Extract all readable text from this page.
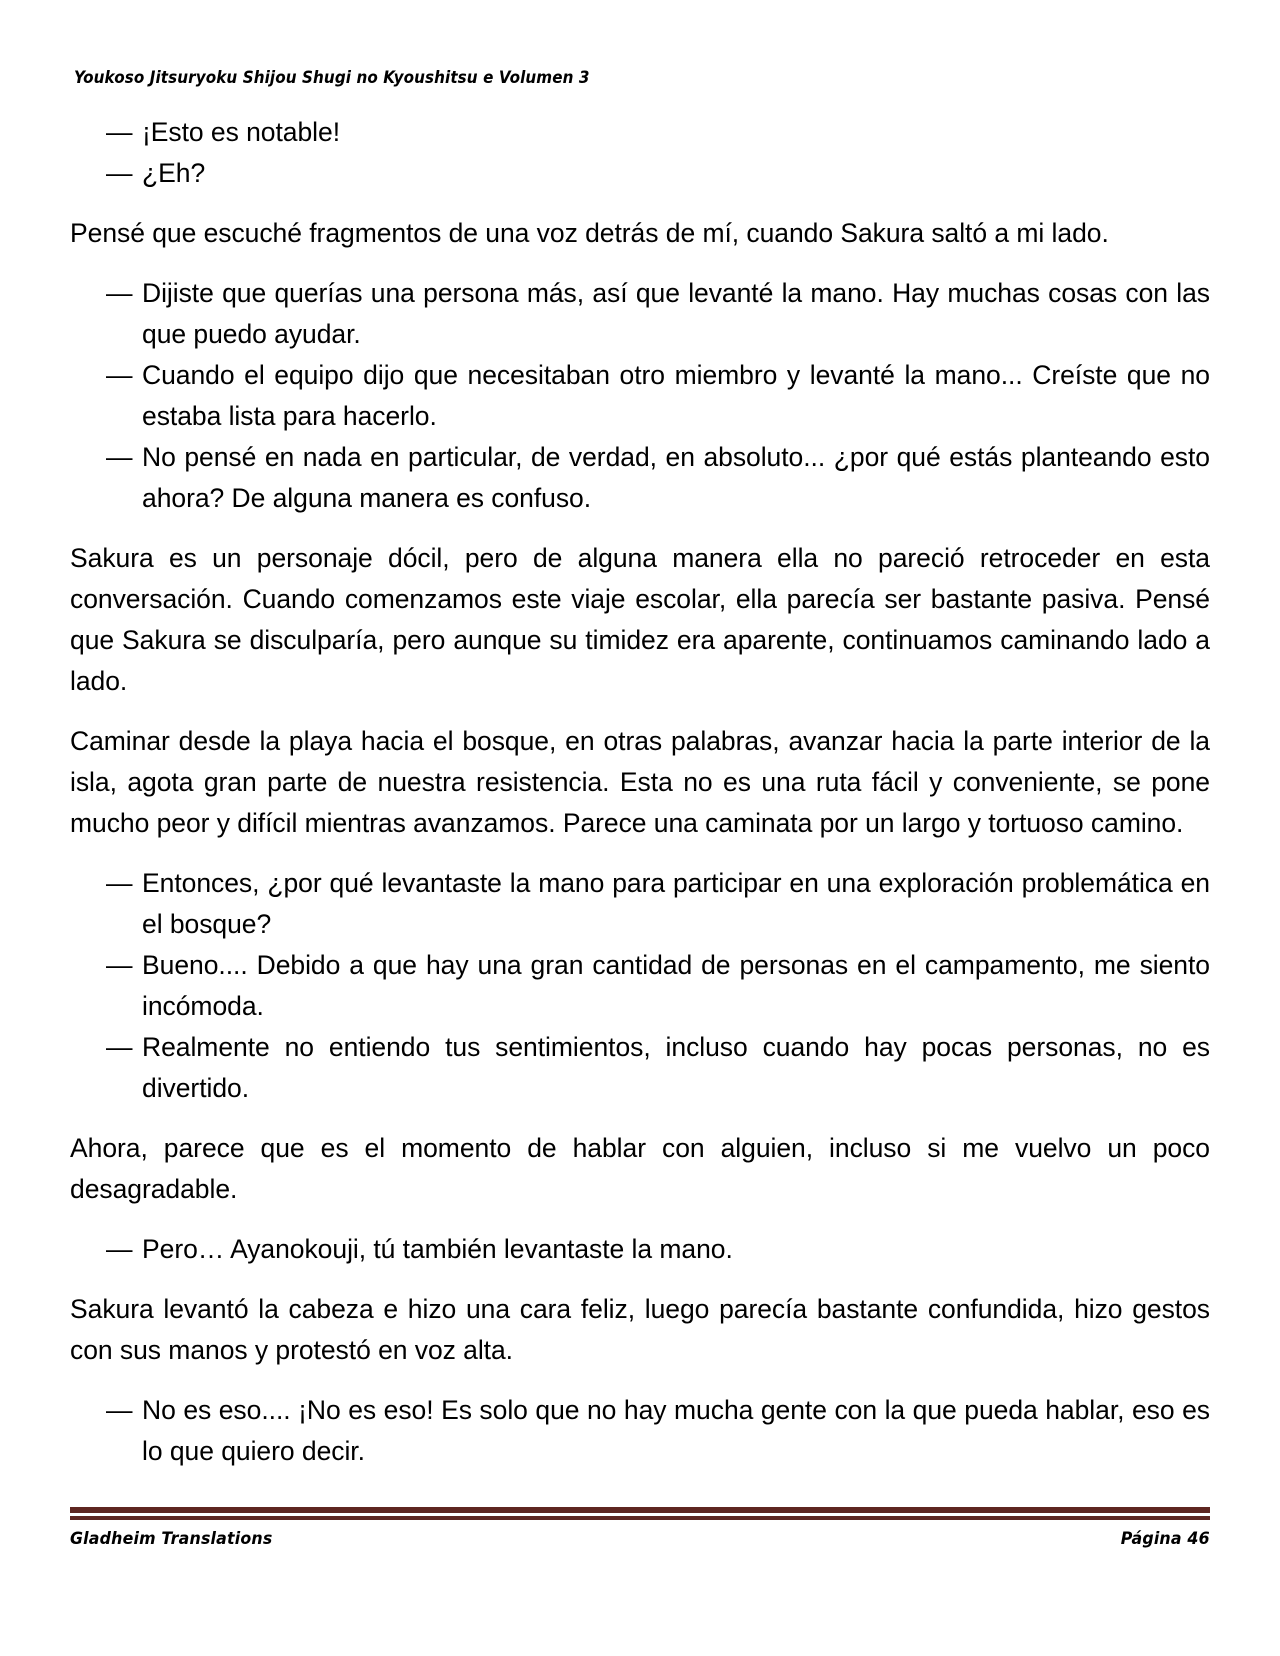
Youkoso Jitsuryoku Shijou Shugi no Kyoushitsu e Volumen 3
— ¡Esto es notable!
— ¿Eh?

Pensé que escuché fragmentos de una voz detrás de mí, cuando Sakura saltó a mi lado.

— Dijiste que querías una persona más, así que levanté la mano. Hay muchas cosas con las que puedo ayudar.
— Cuando el equipo dijo que necesitaban otro miembro y levanté la mano... Creíste que no estaba lista para hacerlo.
— No pensé en nada en particular, de verdad, en absoluto... ¿por qué estás planteando esto ahora? De alguna manera es confuso.

Sakura es un personaje dócil, pero de alguna manera ella no pareció retroceder en esta conversación. Cuando comenzamos este viaje escolar, ella parecía ser bastante pasiva. Pensé que Sakura se disculparía, pero aunque su timidez era aparente, continuamos caminando lado a lado.

Caminar desde la playa hacia el bosque, en otras palabras, avanzar hacia la parte interior de la isla, agota gran parte de nuestra resistencia. Esta no es una ruta fácil y conveniente, se pone mucho peor y difícil mientras avanzamos. Parece una caminata por un largo y tortuoso camino.

— Entonces, ¿por qué levantaste la mano para participar en una exploración problemática en el bosque?
— Bueno.... Debido a que hay una gran cantidad de personas en el campamento, me siento incómoda.
— Realmente no entiendo tus sentimientos, incluso cuando hay pocas personas, no es divertido.

Ahora, parece que es el momento de hablar con alguien, incluso si me vuelvo un poco desagradable.

— Pero… Ayanokouji, tú también levantaste la mano.

Sakura levantó la cabeza e hizo una cara feliz, luego parecía bastante confundida, hizo gestos con sus manos y protestó en voz alta.

— No es eso.... ¡No es eso! Es solo que no hay mucha gente con la que pueda hablar, eso es lo que quiero decir.
Gladheim Translations	Página 46
